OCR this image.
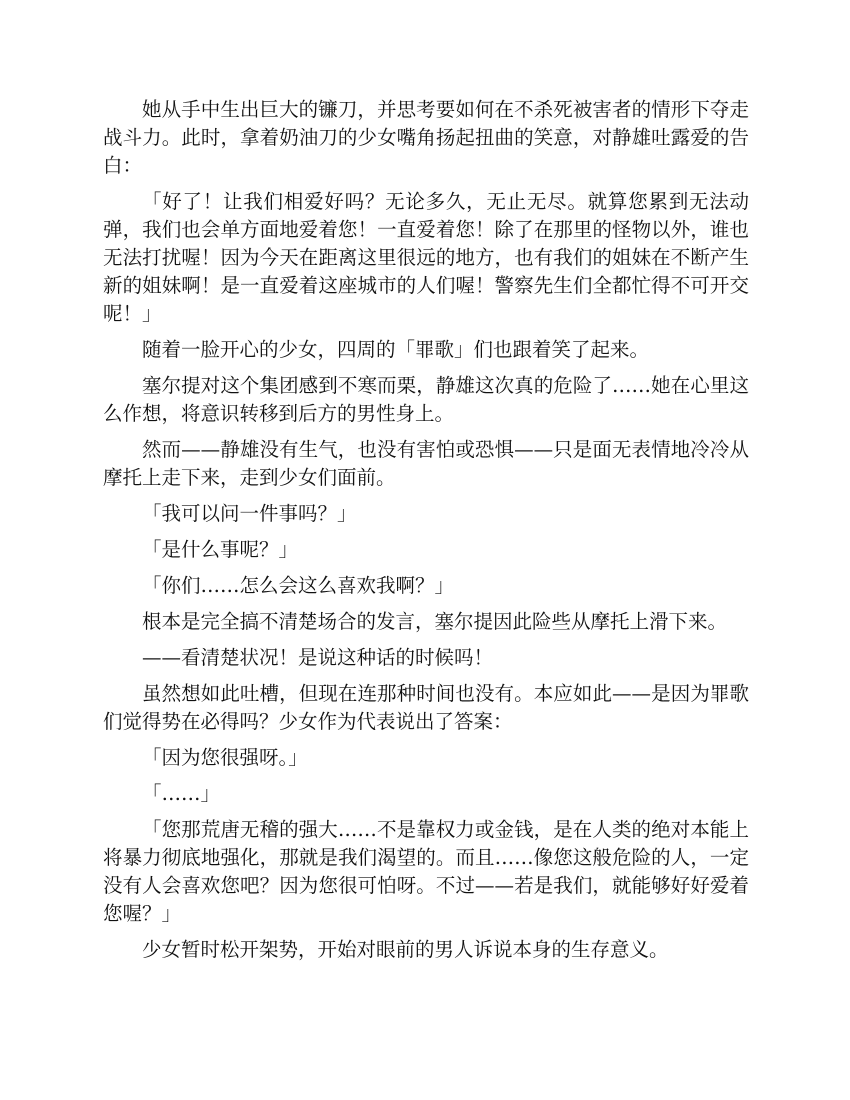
她从手中生出巨大的镰刀，并思考要如何在不杀死被害者的情形下夺走战斗力。此时，拿着奶油刀的少女嘴角扬起扭曲的笑意，对静雄吐露爱的告白：

「好了！让我们相爱好吗？无论多久，无止无尽。就算您累到无法动弹，我们也会单方面地爱着您！一直爱着您！除了在那里的怪物以外，谁也无法打扰喔！因为今天在距离这里很远的地方，也有我们的姐妹在不断产生新的姐妹啊！是一直爱着这座城市的人们喔！警察先生们全都忙得不可开交呢！」

随着一脸开心的少女，四周的「罪歌」们也跟着笑了起来。

塞尔提对这个集团感到不寒而栗，静雄这次真的危险了……她在心里这么作想，将意识转移到后方的男性身上。

然而——静雄没有生气，也没有害怕或恐惧——只是面无表情地冷冷从摩托上走下来，走到少女们面前。

「我可以问一件事吗？」

「是什么事呢？」

「你们……怎么会这么喜欢我啊？」

根本是完全搞不清楚场合的发言，塞尔提因此险些从摩托上滑下来。

——看清楚状况！是说这种话的时候吗！

虽然想如此吐槽，但现在连那种时间也没有。本应如此——是因为罪歌们觉得势在必得吗？少女作为代表说出了答案：

「因为您很强呀。」

「……」

「您那荒唐无稽的强大……不是靠权力或金钱，是在人类的绝对本能上将暴力彻底地强化，那就是我们渴望的。而且……像您这般危险的人，一定没有人会喜欢您吧？因为您很可怕呀。不过——若是我们，就能够好好爱着您喔？」

少女暂时松开架势，开始对眼前的男人诉说本身的生存意义。
